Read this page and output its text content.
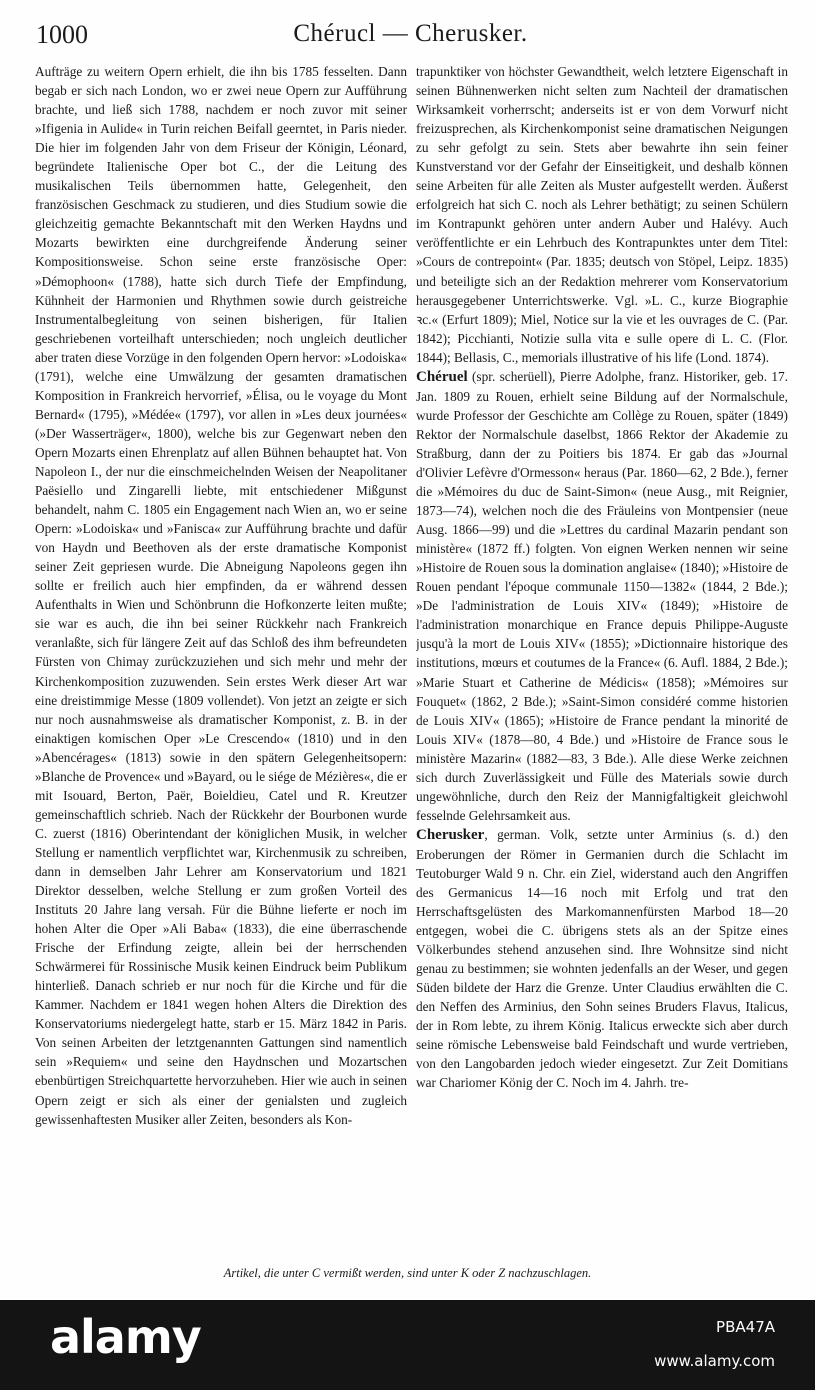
1000	Chérucl — Cherusker.

Aufträge zu weitern Opern erhielt, die ihn bis 1785 fesselten. Dann begab er sich nach London, wo er zwei neue Opern zur Aufführung brachte, und ließ sich 1788, nachdem er noch zuvor mit seiner »Ifigenia in Aulide« in Turin reichen Beifall geerntet, in Paris nieder. Die hier im folgenden Jahr von dem Friseur der Königin, Léonard, begründete Italienische Oper bot C., der die Leitung des musikalischen Teils übernommen hatte, Gelegenheit, den französischen Geschmack zu studieren, und dies Studium sowie die gleichzeitig gemachte Bekanntschaft mit den Werken Haydns und Mozarts bewirkten eine durchgreifende Änderung seiner Kompositionsweise. Schon seine erste französische Oper: »Démophoon« (1788), hatte sich durch Tiefe der Empfindung, Kühnheit der Harmonien und Rhythmen sowie durch geistreiche Instrumentalbegleitung von seinen bisherigen, für Italien geschriebenen vorteilhaft unterschieden; noch ungleich deutlicher aber traten diese Vorzüge in den folgenden Opern hervor: »Lodoiska« (1791), welche eine Umwälzung der gesamten dramatischen Komposition in Frankreich hervorrief, »Élisa, ou le voyage du Mont Bernard« (1795), »Médée« (1797), vor allen in »Les deux journées« (»Der Wasserträger«, 1800), welche bis zur Gegenwart neben den Opern Mozarts einen Ehrenplatz auf allen Bühnen behauptet hat. Von Napoleon I., der nur die einschmeichelnden Weisen der Neapolitaner Paësiello und Zingarelli liebte, mit entschiedener Mißgunst behandelt, nahm C. 1805 ein Engagement nach Wien an, wo er seine Opern: »Lodoiska« und »Fanisca« zur Aufführung brachte und dafür von Haydn und Beethoven als der erste dramatische Komponist seiner Zeit gepriesen wurde. Die Abneigung Napoleons gegen ihn sollte er freilich auch hier empfinden, da er während dessen Aufenthalts in Wien und Schönbrunn die Hofkonzerte leiten mußte; sie war es auch, die ihn bei seiner Rückkehr nach Frankreich veranlaßte, sich für längere Zeit auf das Schloß des ihm befreundeten Fürsten von Chimay zurückzuziehen und sich mehr und mehr der Kirchenkomposition zuzuwenden. Sein erstes Werk dieser Art war eine dreistimmige Messe (1809 vollendet). Von jetzt an zeigte er sich nur noch ausnahmsweise als dramatischer Komponist, z. B. in der einaktigen komischen Oper »Le Crescendo« (1810) und in den »Abencérages« (1813) sowie in den spätern Gelegenheitsopern: »Blanche de Provence« und »Bayard, ou le siége de Mézières«, die er mit Isouard, Berton, Paër, Boieldieu, Catel und R. Kreutzer gemeinschaftlich schrieb. Nach der Rückkehr der Bourbonen wurde C. zuerst (1816) Oberintendant der königlichen Musik, in welcher Stellung er namentlich verpflichtet war, Kirchenmusik zu schreiben, dann in demselben Jahr Lehrer am Konservatorium und 1821 Direktor desselben, welche Stellung er zum großen Vorteil des Instituts 20 Jahre lang versah. Für die Bühne lieferte er noch im hohen Alter die Oper »Ali Baba« (1833), die eine überraschende Frische der Erfindung zeigte, allein bei der herrschenden Schwärmerei für Rossinische Musik keinen Eindruck beim Publikum hinterließ. Danach schrieb er nur noch für die Kirche und für die Kammer. Nachdem er 1841 wegen hohen Alters die Direktion des Konservatoriums niedergelegt hatte, starb er 15. März 1842 in Paris. Von seinen Arbeiten der letztgenannten Gattungen sind namentlich sein »Requiem« und seine den Haydnschen und Mozartschen ebenbürtigen Streichquartette hervorzuheben. Hier wie auch in seinen Opern zeigt er sich als einer der genialsten und zugleich gewissenhaftesten Musiker aller Zeiten, besonders als Kon-

trapunktiker von höchster Gewandtheit, welch letztere Eigenschaft in seinen Bühnenwerken nicht selten zum Nachteil der dramatischen Wirksamkeit vorherrscht; anderseits ist er von dem Vorwurf nicht freizusprechen, als Kirchenkomponist seine dramatischen Neigungen zu sehr gefolgt zu sein. Stets aber bewahrte ihn sein feiner Kunstverstand vor der Gefahr der Einseitigkeit, und deshalb können seine Arbeiten für alle Zeiten als Muster aufgestellt werden. Äußerst erfolgreich hat sich C. noch als Lehrer bethätigt; zu seinen Schülern im Kontrapunkt gehören unter andern Auber und Halévy. Auch veröffentlichte er ein Lehrbuch des Kontrapunktes unter dem Titel: »Cours de contrepoint« (Par. 1835; deutsch von Stöpel, Leipz. 1835) und beteiligte sich an der Redaktion mehrerer vom Konservatorium herausgegebener Unterrichtswerke. Vgl. »L. C., kurze Biographie ꝛc.« (Erfurt 1809); Miel, Notice sur la vie et les ouvrages de C. (Par. 1842); Picchianti, Notizie sulla vita e sulle opere di L. C. (Flor. 1844); Bellasis, C., memorials illustrative of his life (Lond. 1874).

Chéruel (spr. scherüell), Pierre Adolphe, franz. Historiker, geb. 17. Jan. 1809 zu Rouen, erhielt seine Bildung auf der Normalschule, wurde Professor der Geschichte am Collège zu Rouen, später (1849) Rektor der Normalschule daselbst, 1866 Rektor der Akademie zu Straßburg, dann der zu Poitiers bis 1874. Er gab das »Journal d'Olivier Lefèvre d'Ormesson« heraus (Par. 1860—62, 2 Bde.), ferner die »Mémoires du duc de Saint-Simon« (neue Ausg., mit Reignier, 1873—74), welchen noch die des Fräuleins von Montpensier (neue Ausg. 1866—99) und die »Lettres du cardinal Mazarin pendant son ministère« (1872 ff.) folgten. Von eignen Werken nennen wir seine »Histoire de Rouen sous la domination anglaise« (1840); »Histoire de Rouen pendant l'époque communale 1150—1382« (1844, 2 Bde.); »De l'administration de Louis XIV« (1849); »Histoire de l'administration monarchique en France depuis Philippe-Auguste jusqu'à la mort de Louis XIV« (1855); »Dictionnaire historique des institutions, mœurs et coutumes de la France« (6. Aufl. 1884, 2 Bde.); »Marie Stuart et Catherine de Médicis« (1858); »Mémoires sur Fouquet« (1862, 2 Bde.); »Saint-Simon considéré comme historien de Louis XIV« (1865); »Histoire de France pendant la minorité de Louis XIV« (1878—80, 4 Bde.) und »Histoire de France sous le ministère Mazarin« (1882—83, 3 Bde.). Alle diese Werke zeichnen sich durch Zuverlässigkeit und Fülle des Materials sowie durch ungewöhnliche, durch den Reiz der Mannigfaltigkeit gleichwohl fesselnde Gelehrsamkeit aus.

Cherusker, german. Volk, setzte unter Arminius (s. d.) den Eroberungen der Römer in Germanien durch die Schlacht im Teutoburger Wald 9 n. Chr. ein Ziel, widerstand auch den Angriffen des Germanicus 14—16 noch mit Erfolg und trat den Herrschaftsgelüsten des Markomannenfürsten Marbod 18—20 entgegen, wobei die C. übrigens stets als an der Spitze eines Völkerbundes stehend anzusehen sind. Ihre Wohnsitze sind nicht genau zu bestimmen; sie wohnten jedenfalls an der Weser, und gegen Süden bildete der Harz die Grenze. Unter Claudius erwählten die C. den Neffen des Arminius, den Sohn seines Bruders Flavus, Italicus, der in Rom lebte, zu ihrem König. Italicus erweckte sich aber durch seine römische Lebensweise bald Feindschaft und wurde vertrieben, von den Langobarden jedoch wieder eingesetzt. Zur Zeit Domitians war Chariomer König der C. Noch im 4. Jahrh. tre-

Artikel, die unter C vermißt werden, sind unter K oder Z nachzuschlagen.
alamy	PBA47A
www.alamy.com
